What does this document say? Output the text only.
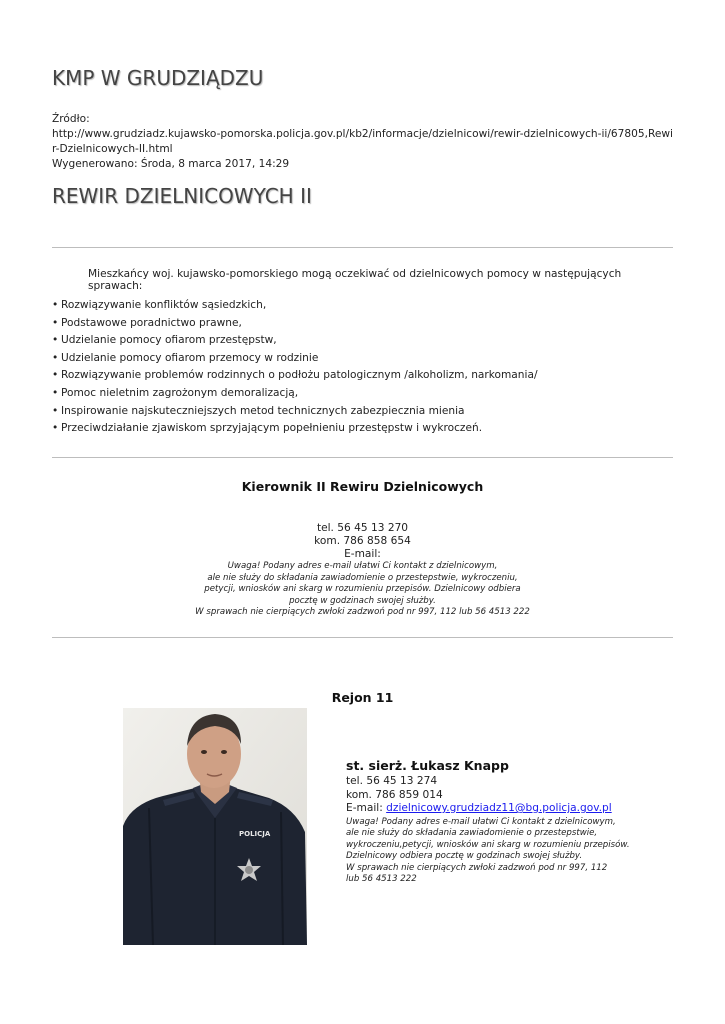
KMP W GRUDZIĄDZU
Źródło:
http://www.grudziadz.kujawsko-pomorska.policja.gov.pl/kb2/informacje/dzielnicowi/rewir-dzielnicowych-ii/67805,Rewir-Dzielnicowych-II.html
Wygenerowano: Środa, 8 marca 2017, 14:29
REWIR DZIELNICOWYCH II
Mieszkańcy woj. kujawsko-pomorskiego mogą oczekiwać od dzielnicowych pomocy w następujących sprawach:
• Rozwiązywanie konfliktów sąsiedzkich,
• Podstawowe poradnictwo prawne,
• Udzielanie pomocy ofiarom przestępstw,
• Udzielanie pomocy ofiarom przemocy w rodzinie
• Rozwiązywanie problemów rodzinnych o podłożu patologicznym /alkoholizm, narkomania/
• Pomoc nieletnim zagrożonym demoralizacją,
• Inspirowanie najskuteczniejszych metod technicznych zabezpiecznia mienia
• Przeciwdziałanie zjawiskom sprzyjającym popełnieniu przestępstw i wykroczeń.
Kierownik II Rewiru Dzielnicowych
tel. 56 45 13 270
kom. 786 858 654
E-mail:
Uwaga! Podany adres e-mail ułatwi Ci kontakt z dzielnicowym,
ale nie służy do składania zawiadomienie o przestepstwie, wykroczeniu,
petycji, wniosków ani skarg w rozumieniu przepisów. Dzielnicowy odbiera
pocztę w godzinach swojej służby.
W sprawach nie cierpiących zwłoki zadzwoń pod nr 997, 112 lub 56 4513 222
Rejon 11
POLICJA
st. sierż. Łukasz Knapp
tel. 56 45 13 274
kom. 786 859 014
E-mail: dzielnicowy.grudziadz11@bg.policja.gov.pl
Uwaga! Podany adres e-mail ułatwi Ci kontakt z dzielnicowym,
ale nie służy do składania zawiadomienie o przestepstwie,
wykroczeniu,petycji, wniosków ani skarg w rozumieniu przepisów.
Dzielnicowy odbiera pocztę w godzinach swojej służby.
W sprawach nie cierpiących zwłoki zadzwoń pod nr 997, 112
lub 56 4513 222
